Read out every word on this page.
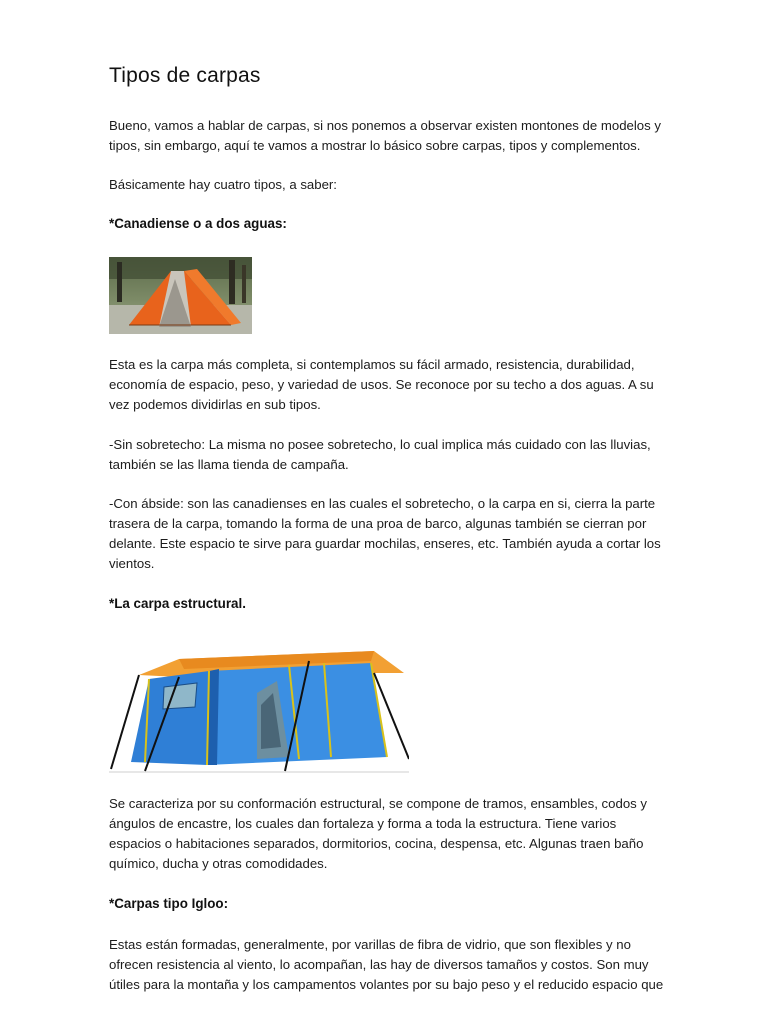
Tipos de carpas

Bueno, vamos a hablar de carpas, si nos ponemos a observar existen montones de modelos y tipos, sin embargo, aquí te vamos a mostrar lo básico sobre carpas, tipos y complementos.

Básicamente hay cuatro tipos, a saber:

*Canadiense o a dos aguas:

Esta es la carpa más completa, si contemplamos su fácil armado, resistencia, durabilidad, economía de espacio, peso, y variedad de usos. Se reconoce por su techo a dos aguas. A su vez podemos dividirlas en sub tipos.

-Sin sobretecho: La misma no posee sobretecho, lo cual implica más cuidado con las lluvias, también se las llama tienda de campaña.

-Con ábside: son las canadienses en las cuales el sobretecho, o la carpa en si, cierra la parte trasera de la carpa, tomando la forma de una proa de barco, algunas también se cierran por delante. Este espacio te sirve para guardar mochilas, enseres, etc. También ayuda a cortar los vientos.

*La carpa estructural.

Se caracteriza por su conformación estructural, se compone de tramos, ensambles, codos y ángulos de encastre, los cuales dan fortaleza y forma a toda la estructura. Tiene varios espacios o habitaciones separados, dormitorios, cocina, despensa, etc. Algunas traen baño químico, ducha y otras comodidades.

*Carpas tipo Igloo:

Estas están formadas, generalmente, por varillas de fibra de vidrio, que son flexibles y no ofrecen resistencia al viento, lo acompañan, las hay de diversos tamaños y costos. Son muy útiles para la montaña y los campamentos volantes por su bajo peso y el reducido espacio que
